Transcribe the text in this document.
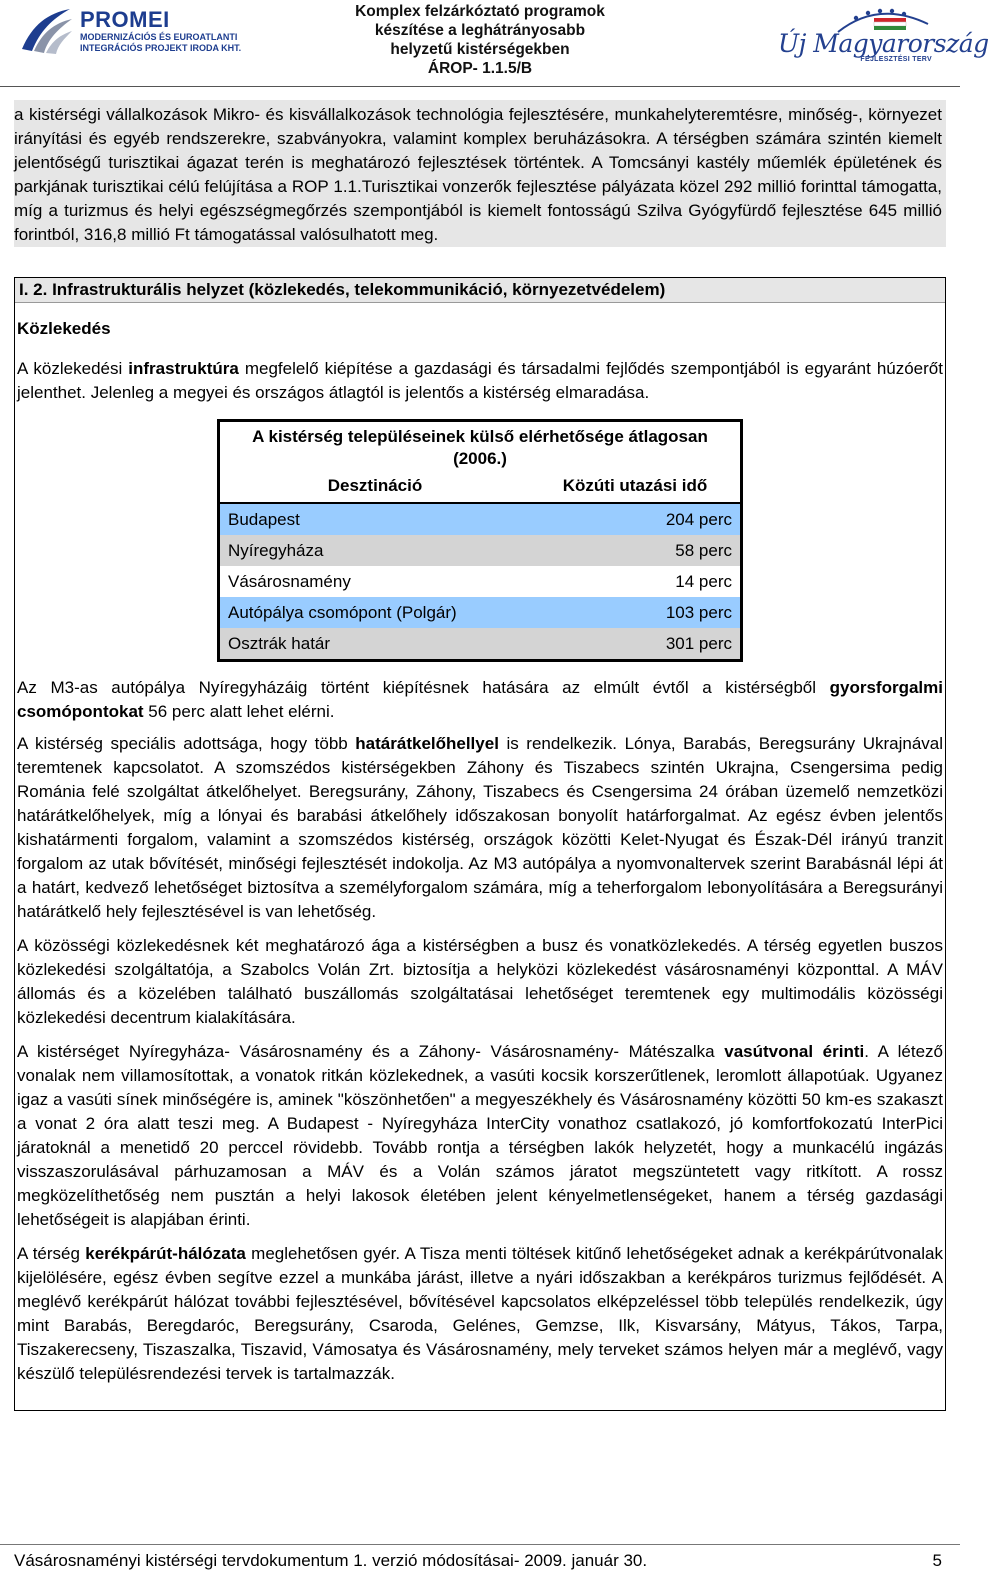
PROMEI
MODERNIZÁCIÓS ÉS EUROATLANTI
INTEGRÁCIÓS PROJEKT IRODA KHT.
Komplex felzárkóztató programok
készítése a leghátrányosabb
helyzetű kistérségekben
ÁROP- 1.1.5/B
Új Magyarország
FEJLESZTÉSI TERV

a kistérségi vállalkozások Mikro- és kisvállalkozások technológia fejlesztésére, munkahelyteremtésre, minőség-, környezet irányítási és egyéb rendszerekre, szabványokra, valamint komplex beruházásokra. A térségben számára szintén kiemelt jelentőségű turisztikai ágazat terén is meghatározó fejlesztések történtek. A Tomcsányi kastély műemlék épületének és parkjának turisztikai célú felújítása a ROP 1.1.Turisztikai vonzerők fejlesztése pályázata közel 292 millió forinttal támogatta, míg a turizmus és helyi egészségmegőrzés szempontjából is kiemelt fontosságú Szilva Gyógyfürdő fejlesztése 645 millió forintból, 316,8 millió Ft támogatással valósulhatott meg.

I. 2. Infrastrukturális helyzet (közlekedés, telekommunikáció, környezetvédelem)
Közlekedés

A közlekedési infrastruktúra megfelelő kiépítése a gazdasági és társadalmi fejlődés szempontjából is egyaránt húzóerőt jelenthet. Jelenleg a megyei és országos átlagtól is jelentős a kistérség elmaradása.

A kistérség településeinek külső elérhetősége átlagosan (2006.)
Desztináció	Közúti utazási idő
Budapest	204 perc
Nyíregyháza	58 perc
Vásárosnamény	14 perc
Autópálya csomópont (Polgár)	103 perc
Osztrák határ	301 perc

Az M3-as autópálya Nyíregyházáig történt kiépítésnek hatására az elmúlt évtől a kistérségből gyorsforgalmi csomópontokat 56 perc alatt lehet elérni.

A kistérség speciális adottsága, hogy több határátkelőhellyel is rendelkezik. Lónya, Barabás, Beregsurány Ukrajnával teremtenek kapcsolatot. A szomszédos kistérségekben Záhony és Tiszabecs szintén Ukrajna, Csengersima pedig Románia felé szolgáltat átkelőhelyet. Beregsurány, Záhony, Tiszabecs és Csengersima 24 órában üzemelő nemzetközi határátkelőhelyek, míg a lónyai és barabási átkelőhely időszakosan bonyolít határforgalmat. Az egész évben jelentős kishatármenti forgalom, valamint a szomszédos kistérség, országok közötti Kelet-Nyugat és Észak-Dél irányú tranzit forgalom az utak bővítését, minőségi fejlesztését indokolja. Az M3 autópálya a nyomvonaltervek szerint Barabásnál lépi át a határt, kedvező lehetőséget biztosítva a személyforgalom számára, míg a teherforgalom lebonyolítására a Beregsurányi határátkelő hely fejlesztésével is van lehetőség.

A közösségi közlekedésnek két meghatározó ága a kistérségben a busz és vonatközlekedés. A térség egyetlen buszos közlekedési szolgáltatója, a Szabolcs Volán Zrt. biztosítja a helyközi közlekedést vásárosnaményi központtal. A MÁV állomás és a közelében található buszállomás szolgáltatásai lehetőséget teremtenek egy multimodális közösségi közlekedési decentrum kialakítására.

A kistérséget Nyíregyháza- Vásárosnamény és a Záhony- Vásárosnamény- Mátészalka vasútvonal érinti. A létező vonalak nem villamosítottak, a vonatok ritkán közlekednek, a vasúti kocsik korszerűtlenek, leromlott állapotúak. Ugyanez igaz a vasúti sínek minőségére is, aminek "köszönhetően" a megyeszékhely és Vásárosnamény közötti 50 km-es szakaszt a vonat 2 óra alatt teszi meg. A Budapest - Nyíregyháza InterCity vonathoz csatlakozó, jó komfortfokozatú InterPici járatoknál a menetidő 20 perccel rövidebb. Tovább rontja a térségben lakók helyzetét, hogy a munkacélú ingázás visszaszorulásával párhuzamosan a MÁV és a Volán számos járatot megszüntetett vagy ritkított. A rossz megközelíthetőség nem pusztán a helyi lakosok életében jelent kényelmetlenségeket, hanem a térség gazdasági lehetőségeit is alapjában érinti.

A térség kerékpárút-hálózata meglehetősen gyér. A Tisza menti töltések kitűnő lehetőségeket adnak a kerékpárútvonalak kijelölésére, egész évben segítve ezzel a munkába járást, illetve a nyári időszakban a kerékpáros turizmus fejlődését. A meglévő kerékpárút hálózat további fejlesztésével, bővítésével kapcsolatos elképzeléssel több település rendelkezik, úgy mint Barabás, Beregdaróc, Beregsurány, Csaroda, Gelénes, Gemzse, Ilk, Kisvarsány, Mátyus, Tákos, Tarpa, Tiszakerecseny, Tiszaszalka, Tiszavid, Vámosatya és Vásárosnamény, mely terveket számos helyen már a meglévő, vagy készülő településrendezési tervek is tartalmazzák.

Vásárosnaményi kistérségi tervdokumentum 1. verzió módosításai- 2009. január 30.	5
